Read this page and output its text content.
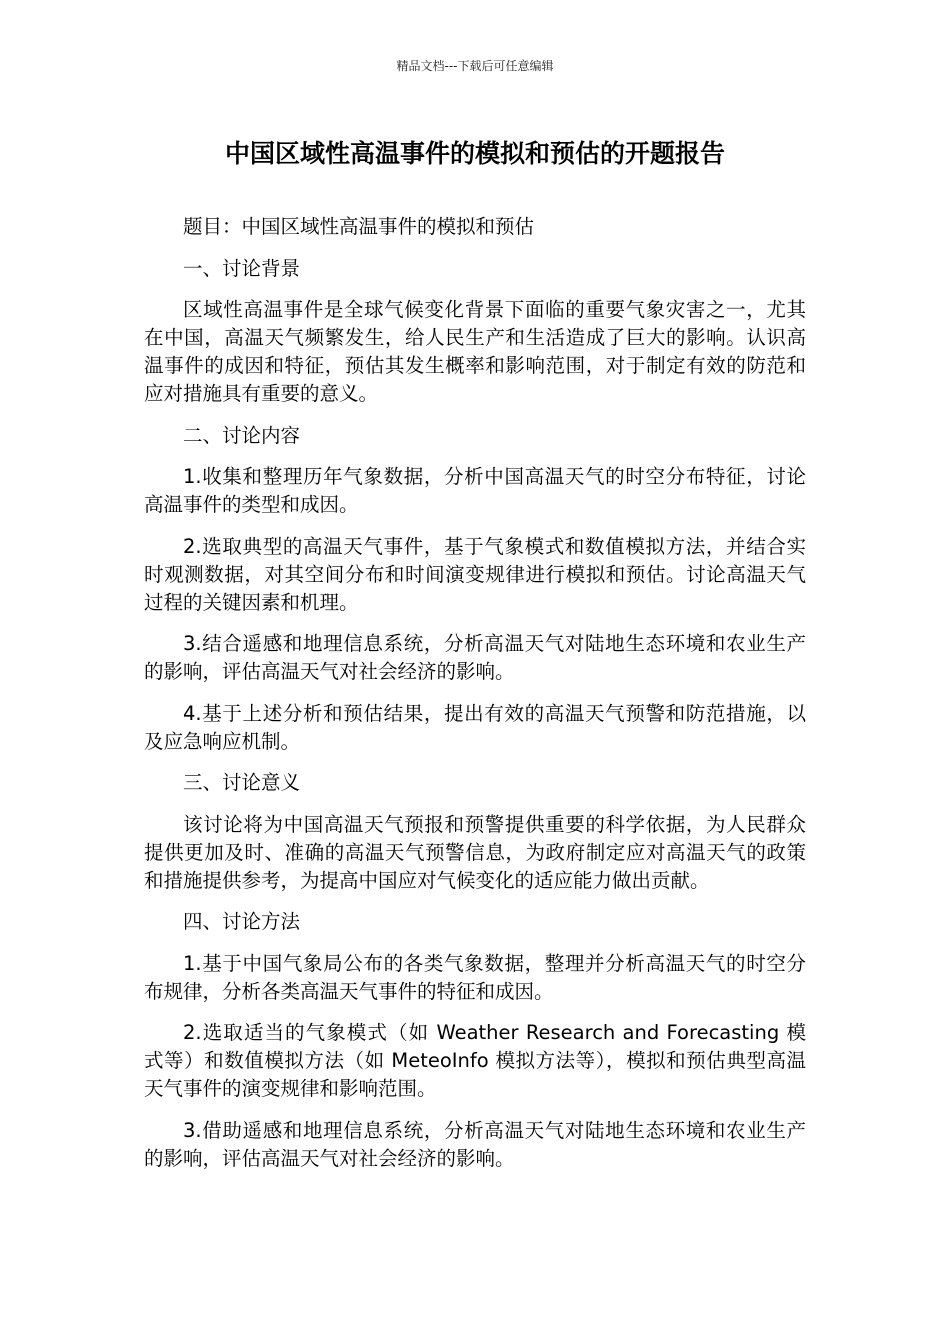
精品文档---下载后可任意编辑
中国区域性高温事件的模拟和预估的开题报告

题目：中国区域性高温事件的模拟和预估

一、讨论背景

区域性高温事件是全球气候变化背景下面临的重要气象灾害之一，尤其在中国，高温天气频繁发生，给人民生产和生活造成了巨大的影响。认识高温事件的成因和特征，预估其发生概率和影响范围，对于制定有效的防范和应对措施具有重要的意义。

二、讨论内容

1.收集和整理历年气象数据，分析中国高温天气的时空分布特征，讨论高温事件的类型和成因。

2.选取典型的高温天气事件，基于气象模式和数值模拟方法，并结合实时观测数据，对其空间分布和时间演变规律进行模拟和预估。讨论高温天气过程的关键因素和机理。

3.结合遥感和地理信息系统，分析高温天气对陆地生态环境和农业生产的影响，评估高温天气对社会经济的影响。

4.基于上述分析和预估结果，提出有效的高温天气预警和防范措施，以及应急响应机制。

三、讨论意义

该讨论将为中国高温天气预报和预警提供重要的科学依据，为人民群众提供更加及时、准确的高温天气预警信息，为政府制定应对高温天气的政策和措施提供参考，为提高中国应对气候变化的适应能力做出贡献。

四、讨论方法

1.基于中国气象局公布的各类气象数据，整理并分析高温天气的时空分布规律，分析各类高温天气事件的特征和成因。

2.选取适当的气象模式（如 Weather Research and Forecasting 模式等）和数值模拟方法（如 MeteoInfo 模拟方法等），模拟和预估典型高温天气事件的演变规律和影响范围。

3.借助遥感和地理信息系统，分析高温天气对陆地生态环境和农业生产的影响，评估高温天气对社会经济的影响。
